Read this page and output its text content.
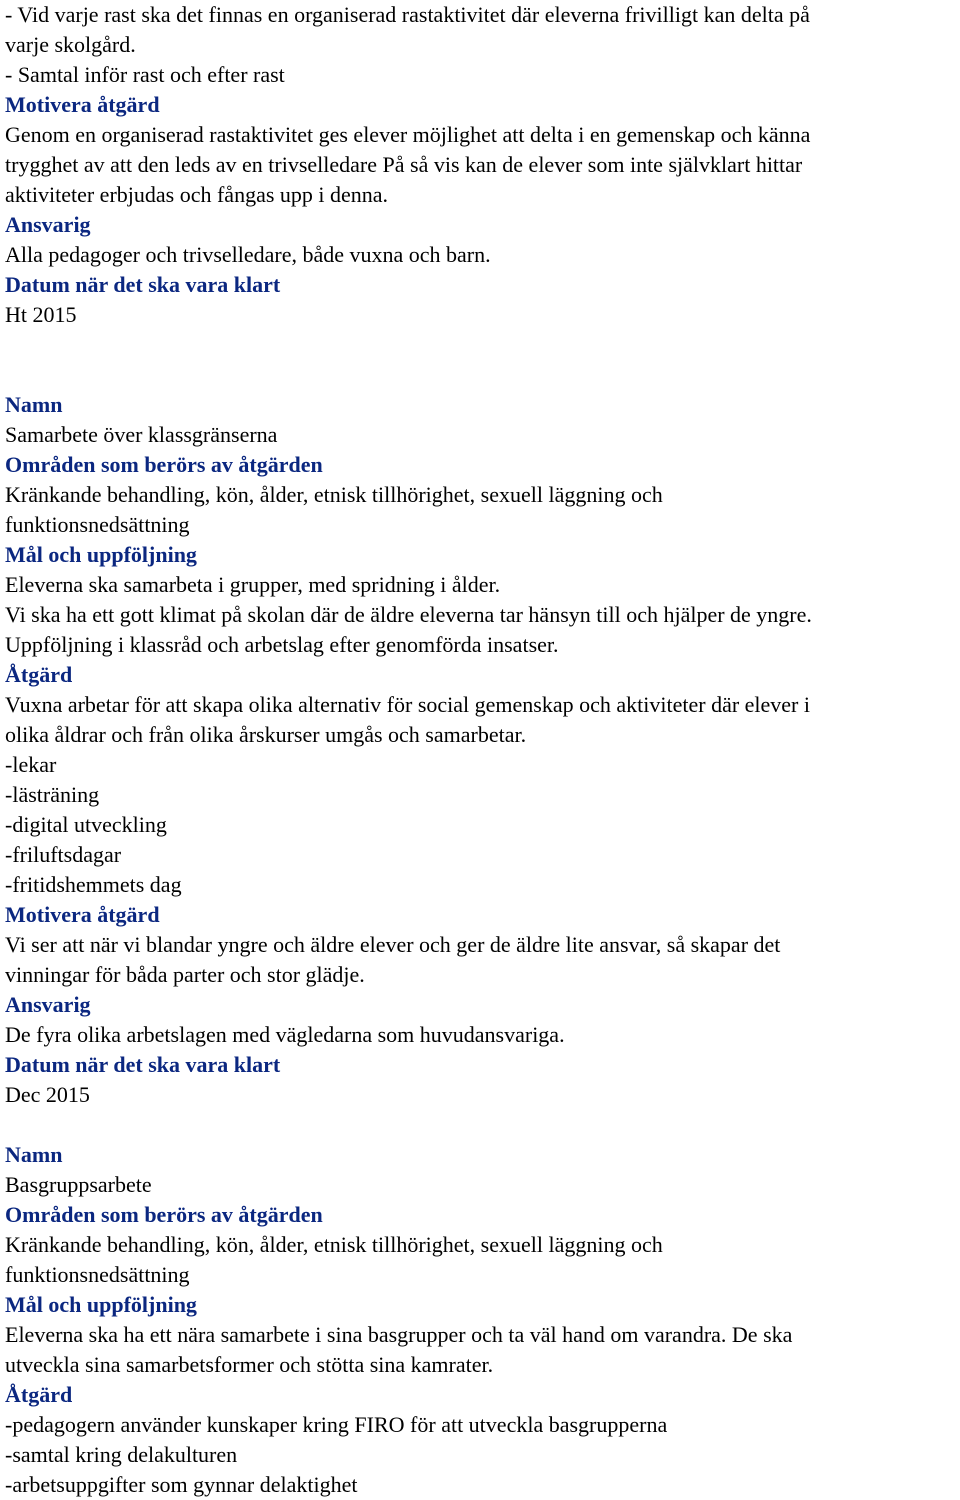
- Vid varje rast ska det finnas en organiserad rastaktivitet där eleverna frivilligt kan delta på
varje skolgård.
- Samtal inför rast och efter rast
Motivera åtgärd
Genom en organiserad rastaktivitet ges elever möjlighet att delta i en gemenskap och känna
trygghet av att den leds av en trivselledare På så vis kan de elever som inte självklart hittar
aktiviteter erbjudas och fångas upp i denna.
Ansvarig
Alla pedagoger och trivselledare, både vuxna och barn.
Datum när det ska vara klart
Ht 2015
Namn
Samarbete över klassgränserna
Områden som berörs av åtgärden
Kränkande behandling, kön, ålder, etnisk tillhörighet, sexuell läggning och
funktionsnedsättning
Mål och uppföljning
Eleverna ska samarbeta i grupper, med spridning i ålder.
Vi ska ha ett gott klimat på skolan där de äldre eleverna tar hänsyn till och hjälper de yngre.
Uppföljning i klassråd och arbetslag efter genomförda insatser.
Åtgärd
Vuxna arbetar för att skapa olika alternativ för social gemenskap och aktiviteter där elever i
olika åldrar och från olika årskurser umgås och samarbetar.
-lekar
-lästräning
-digital utveckling
-friluftsdagar
-fritidshemmets dag
Motivera åtgärd
Vi ser att när vi blandar yngre och äldre elever och ger de äldre lite ansvar, så skapar det
vinningar för båda parter och stor glädje.
Ansvarig
De fyra olika arbetslagen med vägledarna som huvudansvariga.
Datum när det ska vara klart
Dec 2015
Namn
Basgruppsarbete
Områden som berörs av åtgärden
Kränkande behandling, kön, ålder, etnisk tillhörighet, sexuell läggning och
funktionsnedsättning
Mål och uppföljning
Eleverna ska ha ett nära samarbete i sina basgrupper och ta väl hand om varandra. De ska
utveckla sina samarbetsformer och stötta sina kamrater.
Åtgärd
-pedagogern använder kunskaper kring FIRO för att utveckla basgrupperna
-samtal kring delakulturen
-arbetsuppgifter som gynnar delaktighet
